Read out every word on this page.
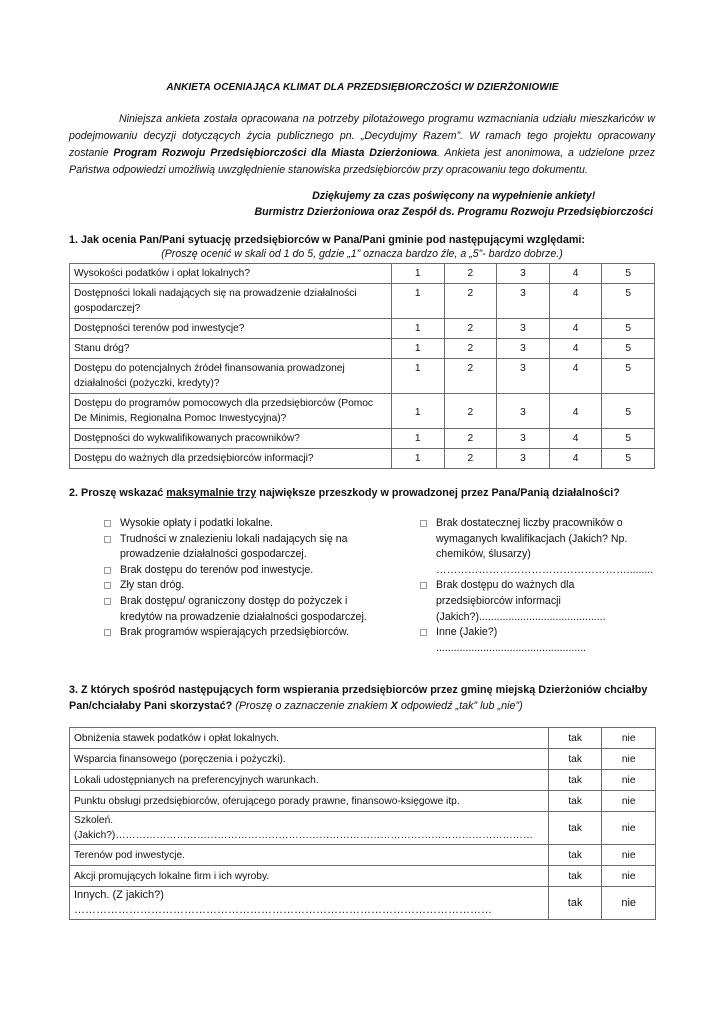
ANKIETA OCENIAJĄCA KLIMAT DLA PRZEDSIĘBIORCZOŚCI W DZIERŻONIOWIE
Niniejsza ankieta została opracowana na potrzeby pilotażowego programu wzmacniania udziału mieszkańców w podejmowaniu decyzji dotyczących życia publicznego pn. „Decydujmy Razem”. W ramach tego projektu opracowany zostanie Program Rozwoju Przedsiębiorczości dla Miasta Dzierżoniowa. Ankieta jest anonimowa, a udzielone przez Państwa odpowiedzi umożliwią uwzględnienie stanowiska przedsiębiorców przy opracowaniu tego dokumentu.
Dziękujemy za czas poświęcony na wypełnienie ankiety!
Burmistrz Dzierżoniowa oraz Zespół ds. Programu Rozwoju Przedsiębiorczości
1. Jak ocenia Pan/Pani sytuację przedsiębiorców w Pana/Pani gminie pod następującymi względami:
(Proszę ocenić w skali od 1 do 5, gdzie „1” oznacza bardzo źle, a „5”- bardzo dobrze.)
Wysokości podatków i opłat lokalnych?	1	2	3	4	5
Dostępności lokali nadających się na prowadzenie działalności gospodarczej?	1	2	3	4	5
Dostępności terenów pod inwestycje?	1	2	3	4	5
Stanu dróg?	1	2	3	4	5
Dostępu do potencjalnych źródeł finansowania prowadzonej działalności (pożyczki, kredyty)?	1	2	3	4	5
Dostępu do programów pomocowych dla przedsiębiorców (Pomoc De Minimis, Regionalna Pomoc Inwestycyjna)?	1	2	3	4	5
Dostępności do wykwalifikowanych pracowników?	1	2	3	4	5
Dostępu do ważnych dla przedsiębiorców informacji?	1	2	3	4	5
2. Proszę wskazać maksymalnie trzy największe przeszkody w prowadzonej przez Pana/Panią działalności?
Wysokie opłaty i podatki lokalne.
Trudności w znalezieniu lokali nadających się na prowadzenie działalności gospodarczej.
Brak dostępu do terenów pod inwestycje.
Zły stan dróg.
Brak dostępu/ ograniczony dostęp do pożyczek i kredytów na prowadzenie działalności gospodarczej.
Brak programów wspierających przedsiębiorców.
Brak dostatecznej liczby pracowników o wymaganych kwalifikacjach (Jakich? Np. chemików, ślusarzy) ……………………………………………….........
Brak dostępu do ważnych dla przedsiębiorców informacji (Jakich?)...........................................
Inne (Jakie?) ...................................................
3. Z których spośród następujących form wspierania przedsiębiorców przez gminę miejską Dzierżoniów chciałby Pan/chciałaby Pani skorzystać? (Proszę o zaznaczenie znakiem X odpowiedź „tak” lub „nie”)
Obniżenia stawek podatków i opłat lokalnych.	tak	nie
Wsparcia finansowego (poręczenia i pożyczki).	tak	nie
Lokali udostępnianych na preferencyjnych warunkach.	tak	nie
Punktu obsługi przedsiębiorców, oferującego porady prawne, finansowo-księgowe itp.	tak	nie
Szkoleń. (Jakich?)……………………………………………………………………………………………………………	tak	nie
Terenów pod inwestycje.	tak	nie
Akcji promujących lokalne firm i ich wyroby.	tak	nie
Innych. (Z jakich?) ……………………………………………………………………………………………………	tak	nie
